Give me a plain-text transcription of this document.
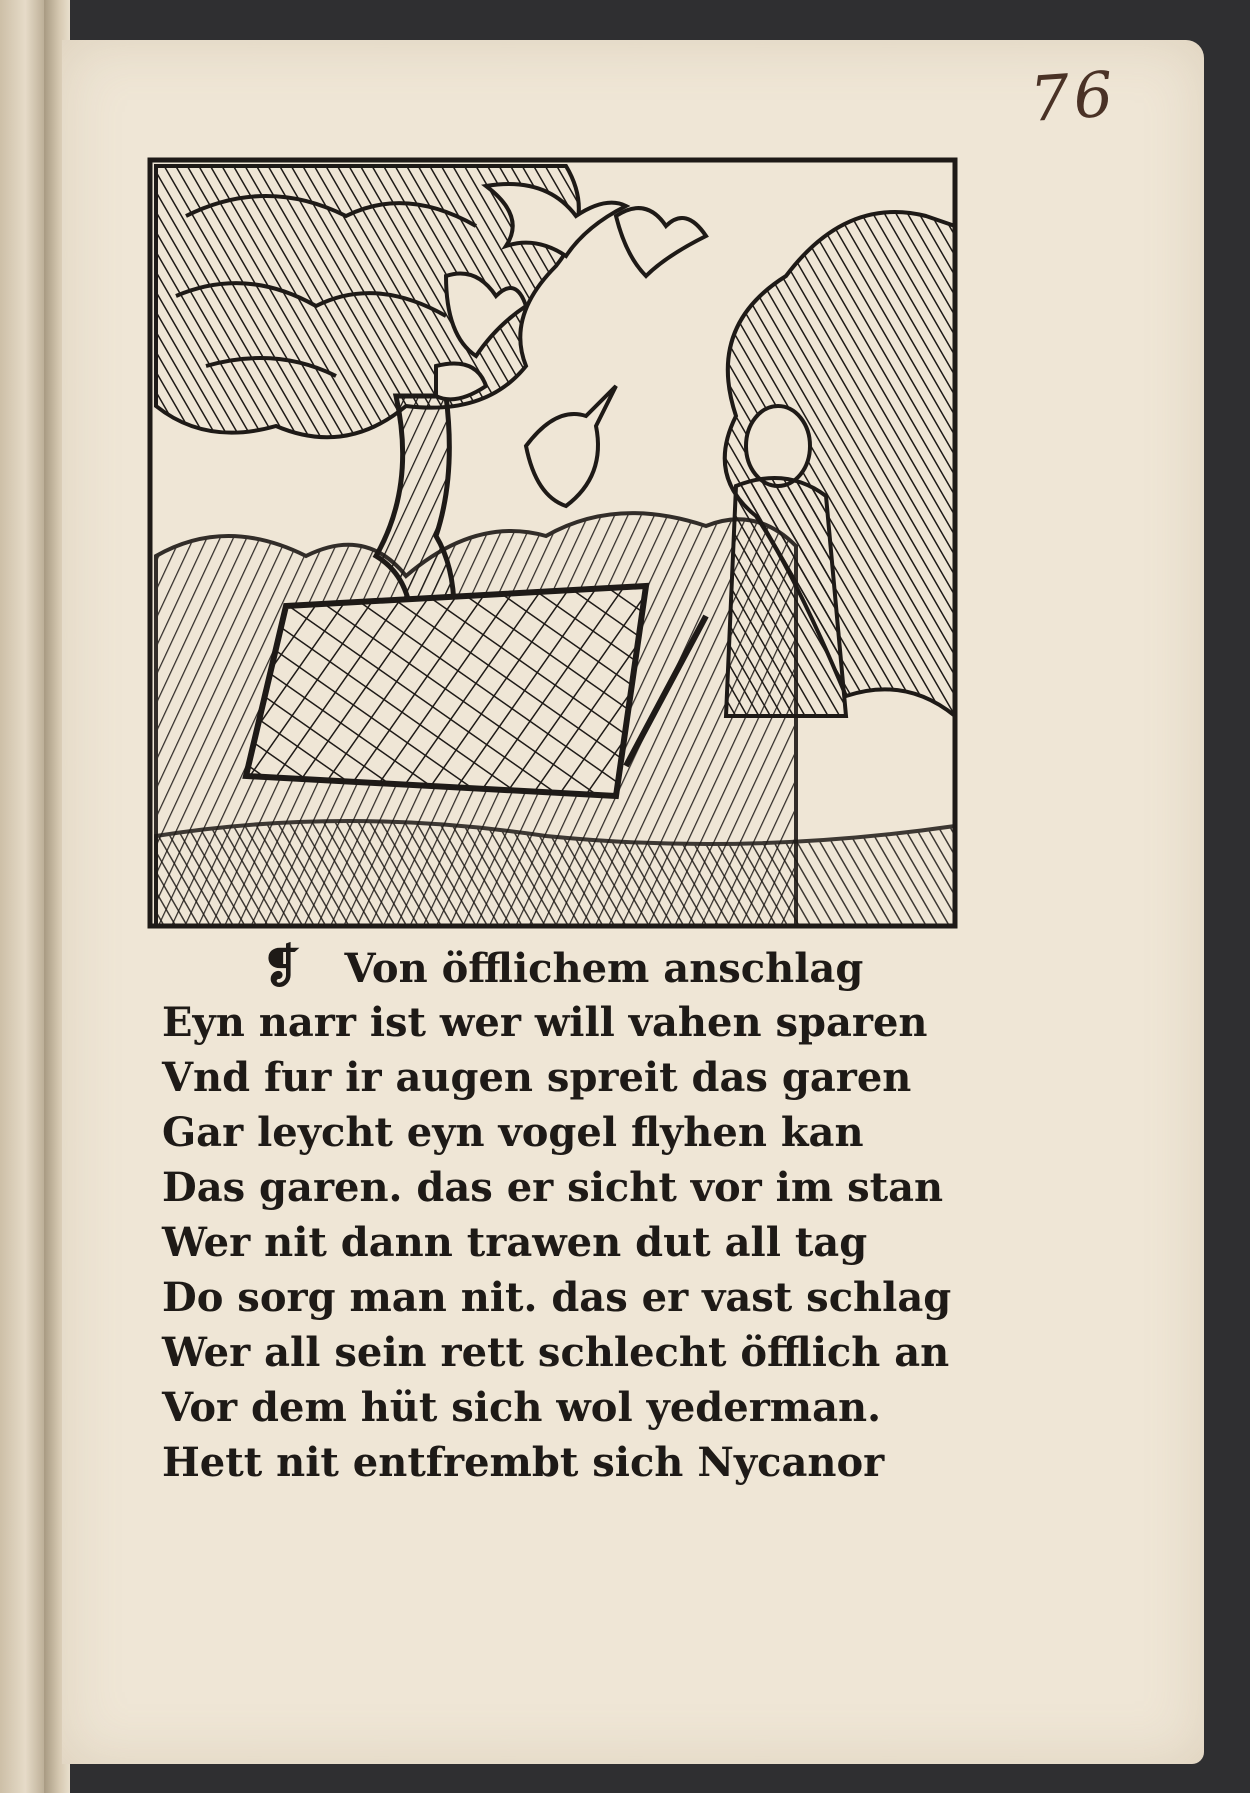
76
❡ Von öfflichem anschlag
Eyn narr ist wer will vahen sparen
Vnd fur ir augen spreit das garen
Gar leycht eyn vogel flyhen kan
Das garen. das er sicht vor im stan
Wer nit dann trawen dut all tag
Do sorg man nit. das er vast schlag
Wer all sein rett schlecht öfflich an
Vor dem hüt sich wol yederman.
Hett nit entfrembt sich Nycanor
